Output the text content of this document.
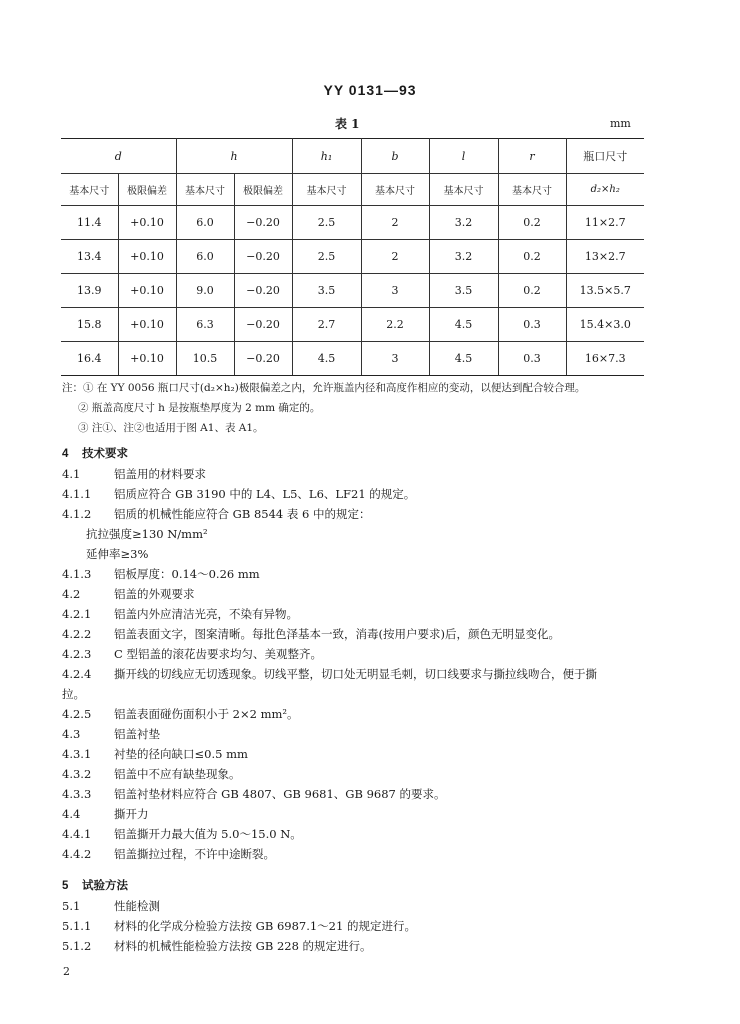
YY 0131—93
表 1	mm
d		h		h₁	b	l	r	瓶口尺寸
基本尺寸	极限偏差	基本尺寸	极限偏差	基本尺寸	基本尺寸	基本尺寸	基本尺寸	d₂×h₂
11.4	+0.10	6.0	−0.20	2.5	2	3.2	0.2	11×2.7
13.4	+0.10	6.0	−0.20	2.5	2	3.2	0.2	13×2.7
13.9	+0.10	9.0	−0.20	3.5	3	3.5	0.2	13.5×5.7
15.8	+0.10	6.3	−0.20	2.7	2.2	4.5	0.3	15.4×3.0
16.4	+0.10	10.5	−0.20	4.5	3	4.5	0.3	16×7.3
注：① 在 YY 0056 瓶口尺寸(d₂×h₂)极限偏差之内，允许瓶盖内径和高度作相应的变动，以便达到配合较合理。
② 瓶盖高度尺寸 h 是按瓶垫厚度为 2 mm 确定的。
③ 注①、注②也适用于图 A1、表 A1。
4 技术要求
4.1	铝盖用的材料要求
4.1.1 铝质应符合 GB 3190 中的 L4、L5、L6、LF21 的规定。
4.1.2 铝质的机械性能应符合 GB 8544 表 6 中的规定：
抗拉强度≥130 N/mm²
延伸率≥3%
4.1.3 铝板厚度：0.14～0.26 mm
4.2	铝盖的外观要求
4.2.1 铝盖内外应清洁光亮，不染有异物。
4.2.2 铝盖表面文字，图案清晰。每批色泽基本一致，消毒(按用户要求)后，颜色无明显变化。
4.2.3 C 型铝盖的滚花齿要求均匀、美观整齐。
4.2.4 撕开线的切线应无切透现象。切线平整，切口处无明显毛刺，切口线要求与撕拉线吻合，便于撕
拉。
4.2.5 铝盖表面碰伤面积小于 2×2 mm²。
4.3	铝盖衬垫
4.3.1 衬垫的径向缺口≤0.5 mm
4.3.2 铝盖中不应有缺垫现象。
4.3.3 铝盖衬垫材料应符合 GB 4807、GB 9681、GB 9687 的要求。
4.4	撕开力
4.4.1 铝盖撕开力最大值为 5.0～15.0 N。
4.4.2 铝盖撕拉过程，不许中途断裂。
5 试验方法
5.1	性能检测
5.1.1 材料的化学成分检验方法按 GB 6987.1～21 的规定进行。
5.1.2 材料的机械性能检验方法按 GB 228 的规定进行。
2
